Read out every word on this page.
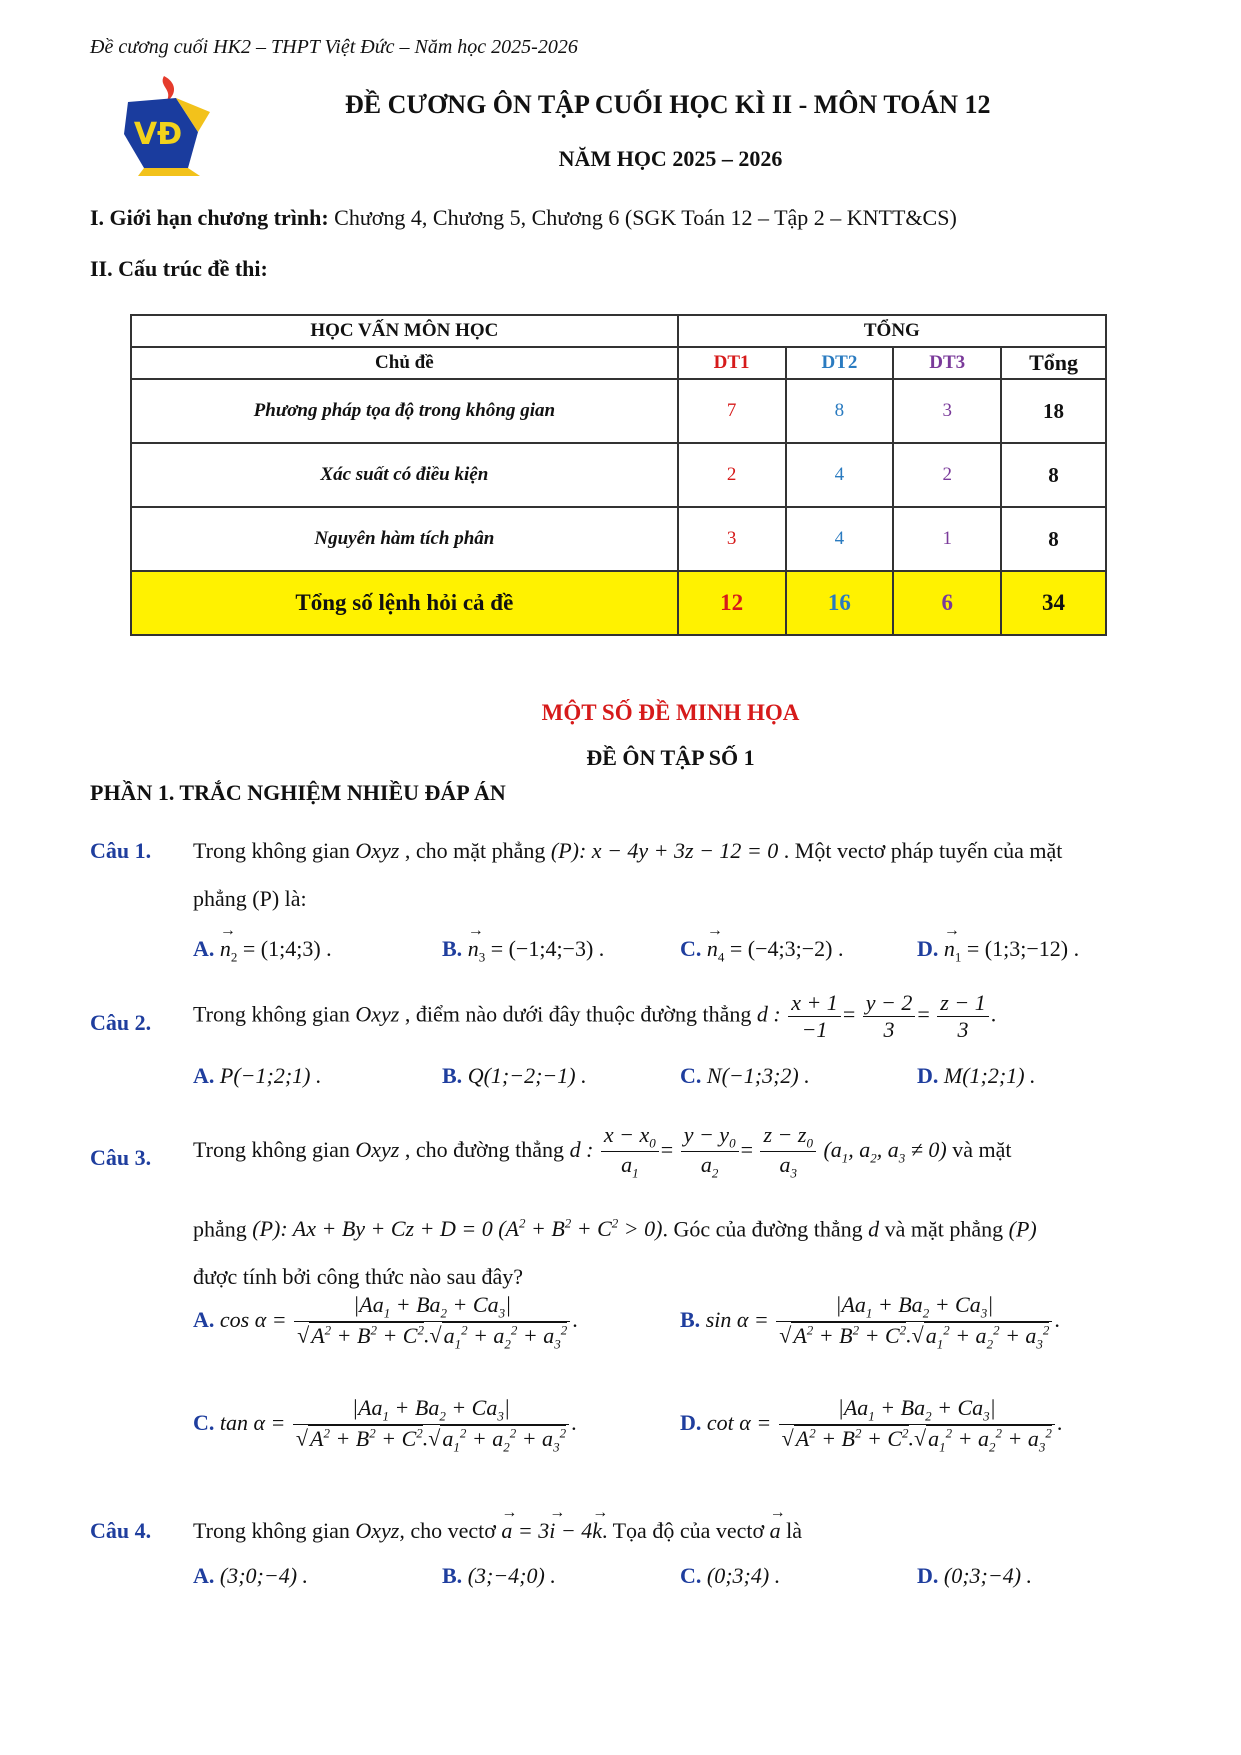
Đề cương cuối HK2 – THPT Việt Đức – Năm học 2025-2026
VĐ
ĐỀ CƯƠNG ÔN TẬP CUỐI HỌC KÌ II - MÔN TOÁN 12
NĂM HỌC 2025 – 2026
I. Giới hạn chương trình: Chương 4, Chương 5, Chương 6 (SGK Toán 12 – Tập 2 – KNTT&CS)
II. Cấu trúc đề thi:
HỌC VẤN MÔN HỌC	TỔNG			
Chủ đề	DT1	DT2	DT3	Tổng
Phương pháp tọa độ trong không gian	7	8	3	18
Xác suất có điều kiện	2	4	2	8
Nguyên hàm tích phân	3	4	1	8
Tổng số lệnh hỏi cả đề	12	16	6	34
MỘT SỐ ĐỀ MINH HỌA
ĐỀ ÔN TẬP SỐ 1
PHẦN 1. TRẮC NGHIỆM NHIỀU ĐÁP ÁN
Câu 1. Trong không gian Oxyz , cho mặt phẳng (P): x − 4y + 3z − 12 = 0 . Một vectơ pháp tuyến của mặt
phẳng (P) là:
A. → $n_2$ = (1;4;3) .	B. → $n_3$ = (−1;4;−3) .	C. → $n_4$ = (−4;3;−2) .	D. → $n_1$ = (1;3;−12) .
Câu 2. Trong không gian Oxyz , điểm nào dưới đây thuộc đường thẳng d : $\frac{x + 1}{-1} = \frac{y - 2}{3} = \frac{z - 1}{3}$ .
A. P(−1;2;1) .	B. Q(1;−2;−1) .	C. N(−1;3;2) .	D. M(1;2;1) .
Câu 3. Trong không gian Oxyz , cho đường thẳng d : $\frac{x - x_0}{a_1} = \frac{y - y_0}{a_2} = \frac{z - z_0}{a_3} (a_1$, $a_2$, $a_3 \ne 0$) và mặt
phẳng (P): Ax + By + Cz + D = 0 $(A^2 + B^2 + C^2 > 0)$. Góc của đường thẳng d và mặt phẳng (P)
được tính bởi công thức nào sau đây?
A. $\cos \alpha = \frac{|Aa_1 + Ba_2 + Ca_3|}{√A^2 + B^2 + C^2.√a_1^2 + a_2^2 + a_3^2}$ .	B. $\sin \alpha = \frac{|Aa_1 + Ba_2 + Ca_3|}{√A^2 + B^2 + C^2.√a_1^2 + a_2^2 + a_3^2}$ .
C. $\tan \alpha = \frac{|Aa_1 + Ba_2 + Ca_3|}{√A^2 + B^2 + C^2.√a_1^2 + a_2^2 + a_3^2}$ .	D. $\cot \alpha = \frac{|Aa_1 + Ba_2 + Ca_3|}{√A^2 + B^2 + C^2.√a_1^2 + a_2^2 + a_3^2}$ .
Câu 4. Trong không gian Oxyz, cho vectơ → a = 3→ i − 4→ k. Tọa độ của vectơ → a là
A. (3;0;−4) .	B. (3;−4;0) .	C. (0;3;4) .	D. (0;3;−4) .
